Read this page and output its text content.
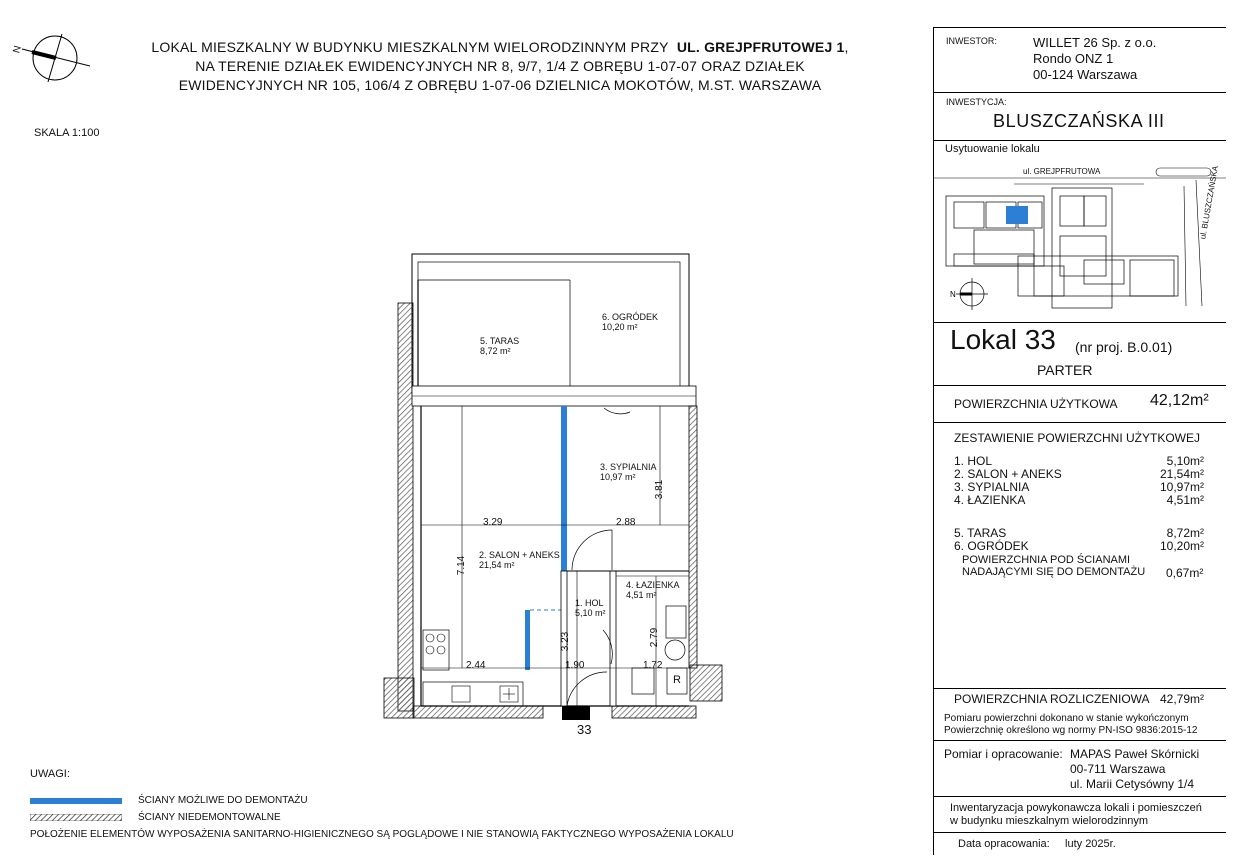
LOKAL MIESZKALNY W BUDYNKU MIESZKALNYM WIELORODZINNYM PRZY UL. GREJPFRUTOWEJ 1,
NA TERENIE DZIAŁEK EWIDENCYJNYCH NR 8, 9/7, 1/4 Z OBRĘBU 1-07-07 ORAZ DZIAŁEK
EWIDENCYJNYCH NR 105, 106/4 Z OBRĘBU 1-07-06 DZIELNICA MOKOTÓW, M.ST. WARSZAWA
SKALA 1:100
N
5. TARAS
8,72 m²
6. OGRÓDEK
10,20 m²
3. SYPIALNIA
10,97 m²
2. SALON + ANEKS
21,54 m²
1. HOL
5,10 m²
4. ŁAZIENKA
4,51 m²
3.29	2.88
7.14
3.81
2.44	1.90	1.72
3.23	2.79
R
33
UWAGI:
ŚCIANY MOŻLIWE DO DEMONTAŻU
ŚCIANY NIEDEMONTOWALNE
POŁOŻENIE ELEMENTÓW WYPOSAŻENIA SANITARNO-HIGIENICZNEGO SĄ POGLĄDOWE I NIE STANOWIĄ FAKTYCZNEGO WYPOSAŻENIA LOKALU
INWESTOR:	WILLET 26 Sp. z o.o.
Rondo ONZ 1
00-124 Warszawa
INWESTYCJA:
BLUSZCZAŃSKA III
Usytuowanie lokalu
N
ul. GREJPFRUTOWA	ul. BLUSZCZAŃSKA
Lokal 33 (nr proj. B.0.01)
PARTER
POWIERZCHNIA UŻYTKOWA 42,12m²
ZESTAWIENIE POWIERZCHNI UŻYTKOWEJ
1. HOL	5,10m²
2. SALON + ANEKS	21,54m²
3. SYPIALNIA	10,97m²
4. ŁAZIENKA	4,51m²
5. TARAS	8,72m²
6. OGRÓDEK	10,20m²
POWIERZCHNIA POD ŚCIANAMI
NADAJĄCYMI SIĘ DO DEMONTAŻU 0,67m²
POWIERZCHNIA ROZLICZENIOWA 42,79m²
Pomiaru powierzchni dokonano w stanie wykończonym
Powierzchnię określono wg normy PN-ISO 9836:2015-12
Pomiar i opracowanie: MAPAS Paweł Skórnicki
00-711 Warszawa
ul. Marii Cetysówny 1/4
Inwentaryzacja powykonawcza lokali i pomieszczeń
w budynku mieszkalnym wielorodzinnym
Data opracowania: luty 2025r.
